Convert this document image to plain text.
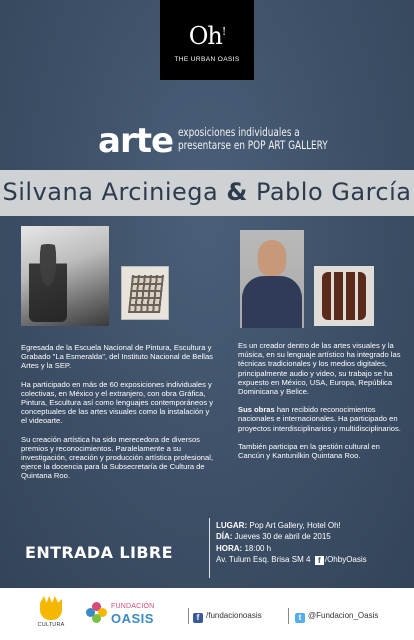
Oh!
THE URBAN OASIS
arte exposiciones individuales a
presentarse en POP ART GALLERY
Silvana Arciniega & Pablo García

Egresada de la Escuela Nacional de Pintura, Escultura y Grabado "La Esmeralda", del Instituto Nacional de Bellas Artes y la SEP.

Ha participado en más de 60 exposiciones individuales y colectivas, en México y el extranjero, con obra Gráfica, Pintura, Escultura así como lenguajes contemporáneos y conceptuales de las artes visuales como la instalación y el videoarte.

Su creación artística ha sido merecedora de diversos premios y reconocimientos. Paralelamente a su investigación, creación y producción artística profesional, ejerce la docencia para la Subsecretaría de Cultura de Quintana Roo.

Es un creador dentro de las artes visuales y la música, en su lenguaje artístico ha integrado las técnicas tradicionales y los medios digitales, principalmente audio y video, su trabajo se ha expuesto en México, USA, Europa, República Dominicana y Belice.

Sus obras han recibido reconocimientos nacionales e internacionales. Ha participado en proyectos interdisciplinarios y multidisciplinarios.

También participa en la gestión cultural en Cancún y Kantunilkin Quintana Roo.

ENTRADA LIBRE
LUGAR: Pop Art Gallery, Hotel Oh!
DÍA: Jueves 30 de abril de 2015
HORA: 18:00 h
Av. Tulum Esq. Brisa SM 4 f /OhbyOasis
CULTURA
FUNDACIÓN
OASIS	f /fundacionoasis	t @Fundacion_Oasis
